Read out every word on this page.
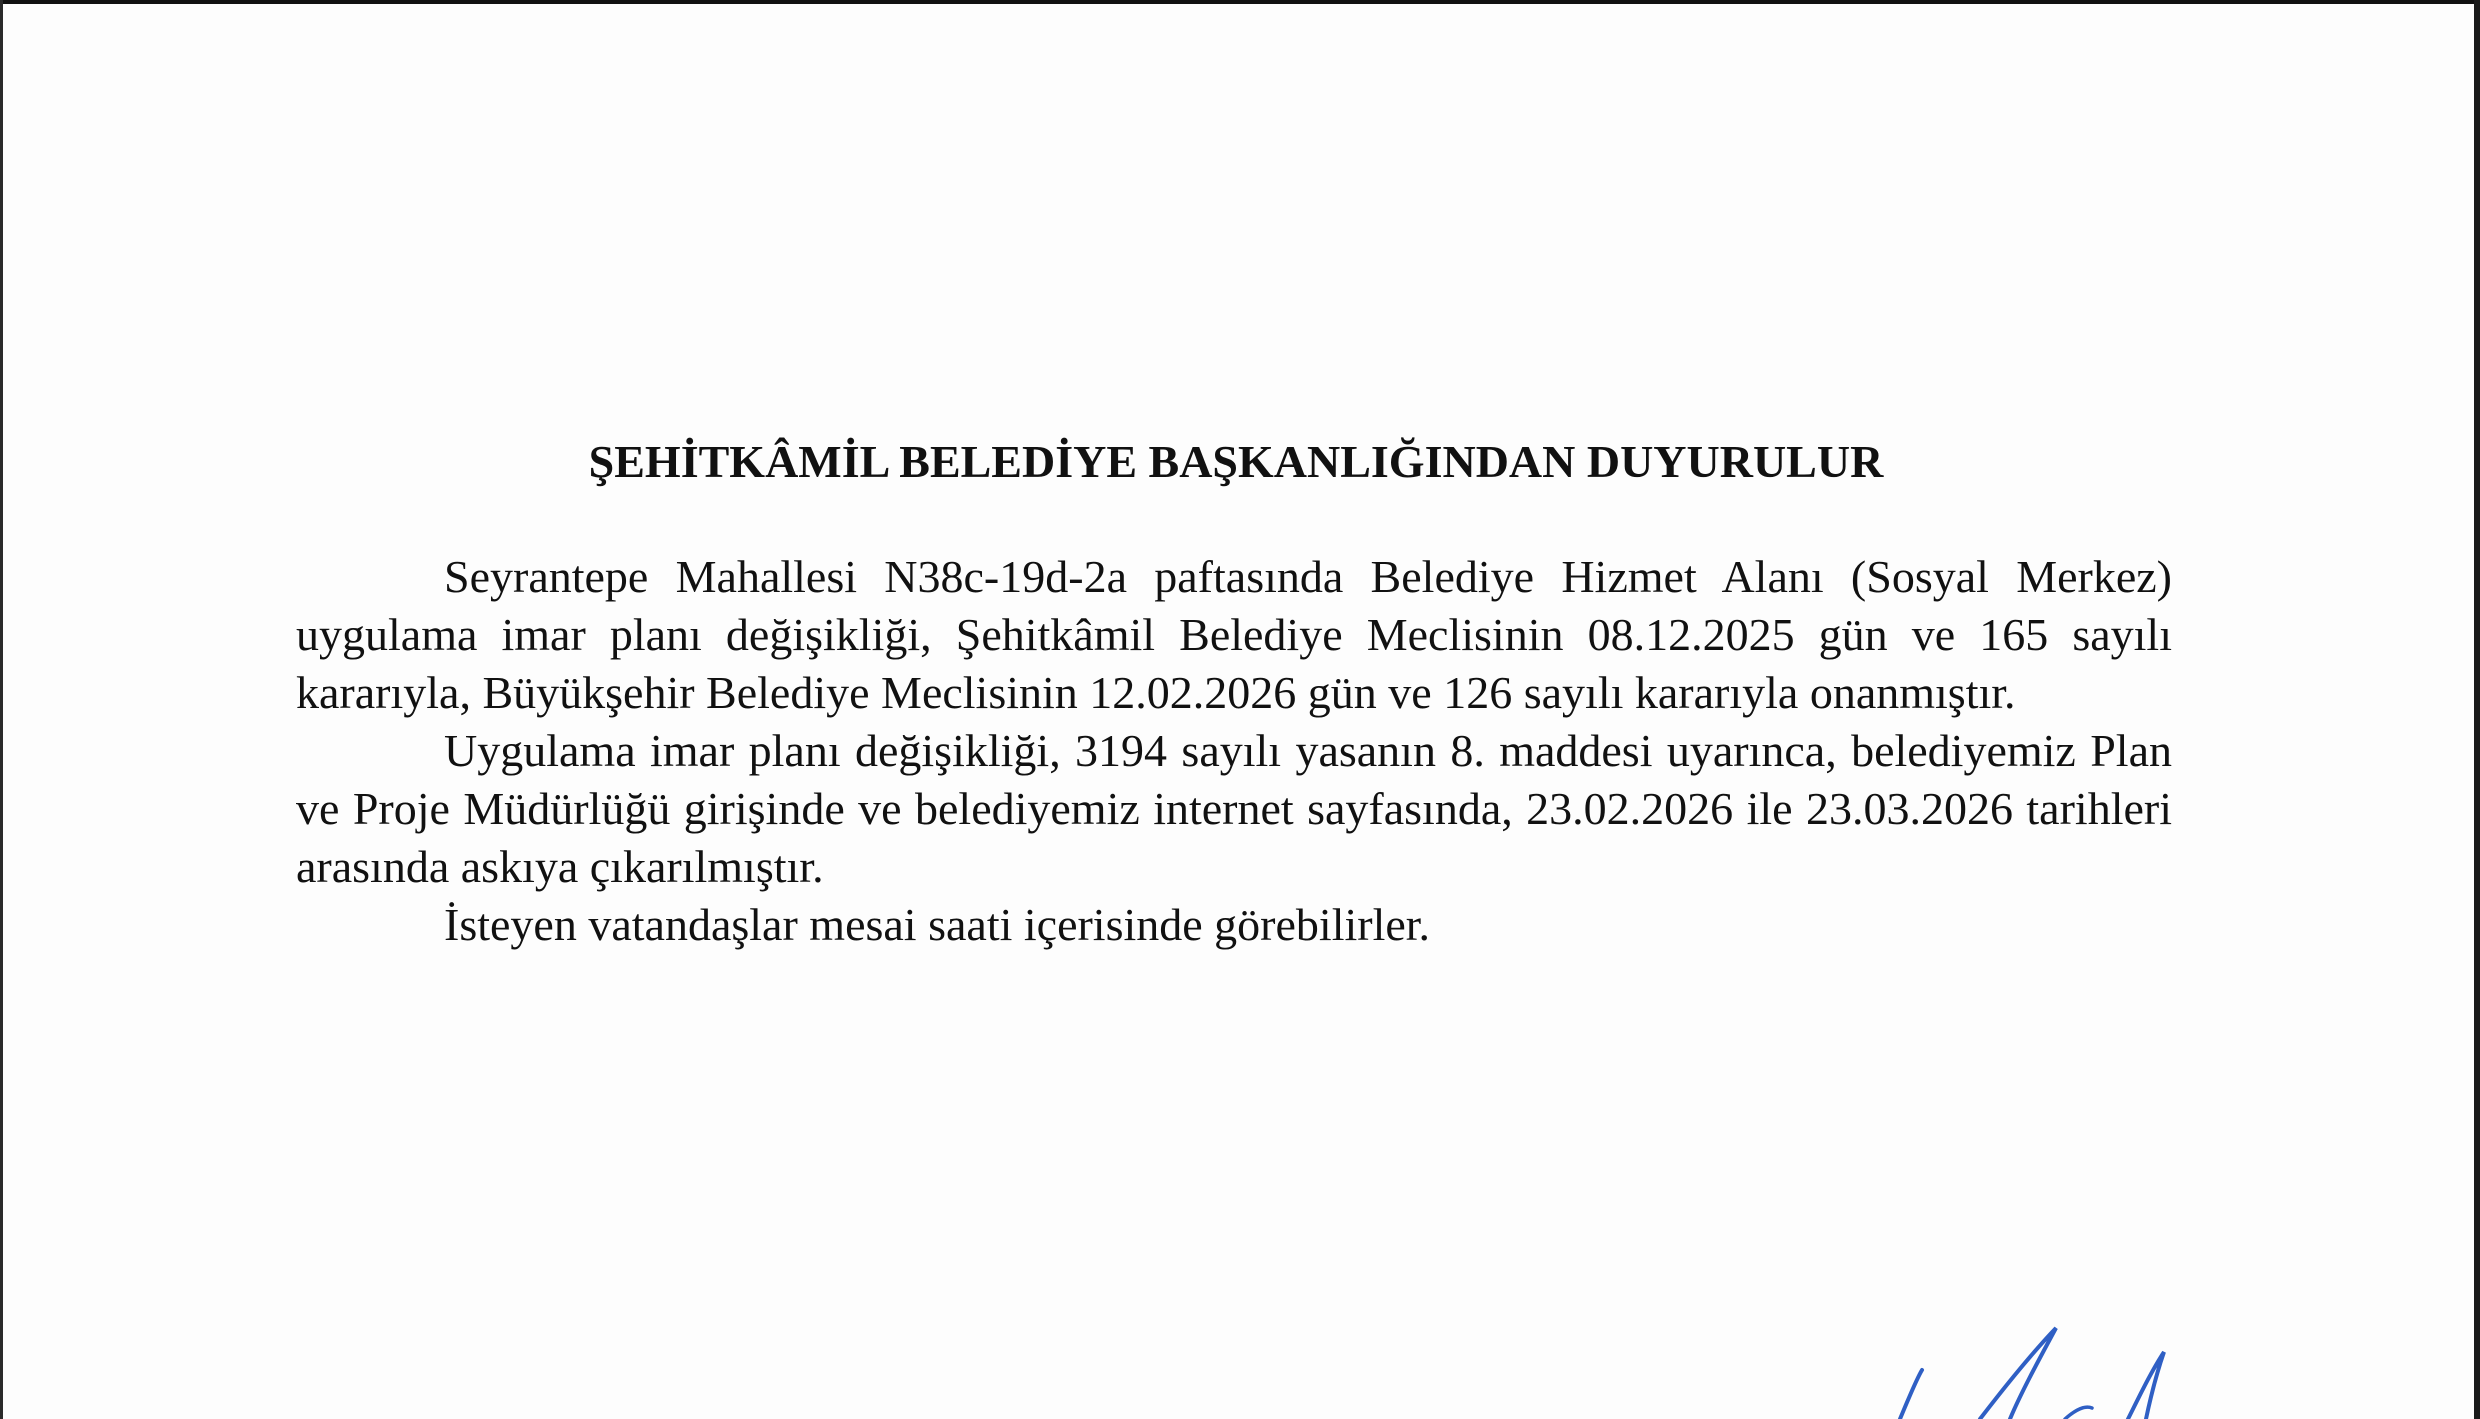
ŞEHİTKÂMİL BELEDİYE BAŞKANLIĞINDAN DUYURULUR

Seyrantepe Mahallesi N38c-19d-2a paftasında Belediye Hizmet Alanı (Sosyal Merkez) uygulama imar planı değişikliği, Şehitkâmil Belediye Meclisinin 08.12.2025 gün ve 165 sayılı kararıyla, Büyükşehir Belediye Meclisinin 12.02.2026 gün ve 126 sayılı kararıyla onanmıştır.

Uygulama imar planı değişikliği, 3194 sayılı yasanın 8. maddesi uyarınca, belediyemiz Plan ve Proje Müdürlüğü girişinde ve belediyemiz internet sayfasında, 23.02.2026 ile 23.03.2026 tarihleri arasında askıya çıkarılmıştır.

İsteyen vatandaşlar mesai saati içerisinde görebilirler.
